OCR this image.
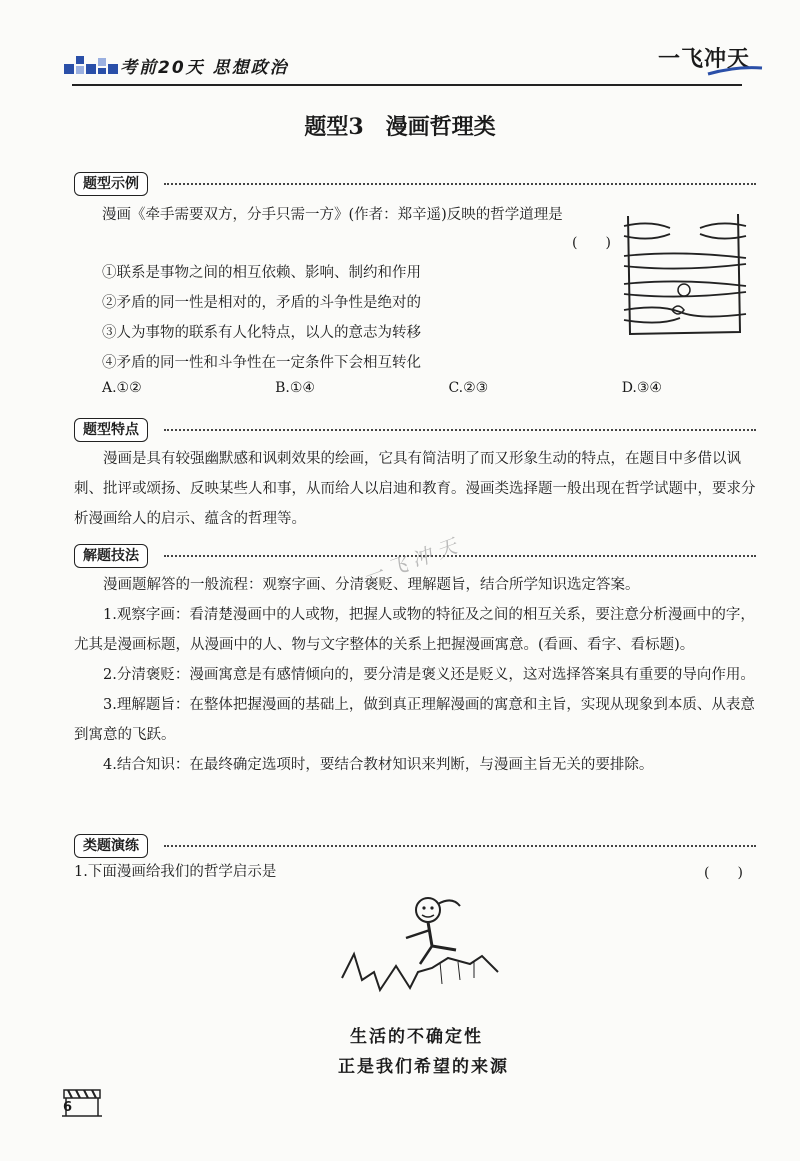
考前20天 思想政治	一飞冲天
题型3　漫画哲理类
题型示例
漫画《牵手需要双方，分手只需一方》(作者：郑辛遥)反映的哲学道理是
(　　)
①联系是事物之间的相互依赖、影响、制约和作用
②矛盾的同一性是相对的，矛盾的斗争性是绝对的
③人为事物的联系有人化特点，以人的意志为转移
④矛盾的同一性和斗争性在一定条件下会相互转化
A.①②	B.①④	C.②③	D.③④
题型特点
漫画是具有较强幽默感和讽刺效果的绘画，它具有简洁明了而又形象生动的特点，在题目中多借以讽刺、批评或颂扬、反映某些人和事，从而给人以启迪和教育。漫画类选择题一般出现在哲学试题中，要求分析漫画给人的启示、蕴含的哲理等。
解题技法
漫画题解答的一般流程：观察字画、分清褒贬、理解题旨，结合所学知识选定答案。
1.观察字画：看清楚漫画中的人或物，把握人或物的特征及之间的相互关系，要注意分析漫画中的字，尤其是漫画标题，从漫画中的人、物与文字整体的关系上把握漫画寓意。(看画、看字、看标题)。
2.分清褒贬：漫画寓意是有感情倾向的，要分清是褒义还是贬义，这对选择答案具有重要的导向作用。
3.理解题旨：在整体把握漫画的基础上，做到真正理解漫画的寓意和主旨，实现从现象到本质、从表意到寓意的飞跃。
4.结合知识：在最终确定选项时，要结合教材知识来判断，与漫画主旨无关的要排除。
一飞冲天
类题演练
1.下面漫画给我们的哲学启示是	(　　)
生活的不确定性
正是我们希望的来源
6
